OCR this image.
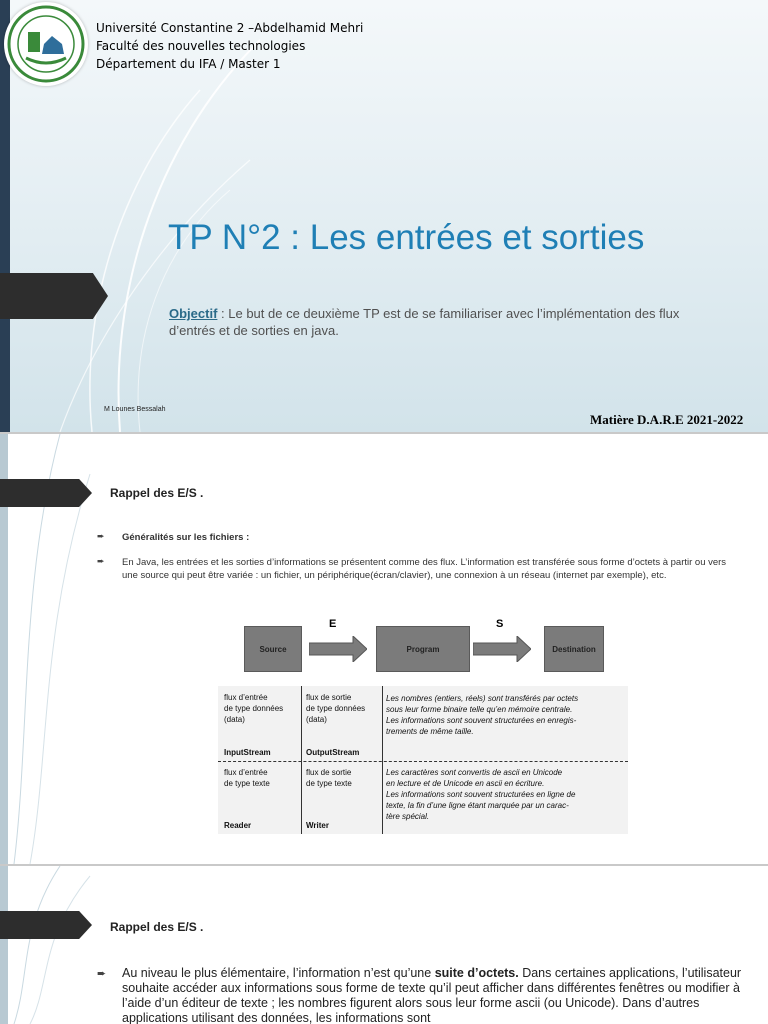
Université Constantine 2 –Abdelhamid Mehri
Faculté des nouvelles technologies
Département du IFA / Master 1
TP N°2 : Les entrées et sorties
Objectif : Le but de ce deuxième TP est de se familiariser avec l’implémentation des flux d’entrés et de sorties en java.
M Lounes Bessalah
Matière D.A.R.E 2021-2022
Rappel des E/S .
➨ Généralités sur les fichiers :
➨ En Java, les entrées et les sorties d’informations se présentent comme des flux. L’information est transférée sous forme d’octets à partir ou vers une source qui peut être variée : un fichier, un périphérique(écran/clavier), une connexion à un réseau (internet par exemple), etc.
Source
E
Program
S
Destination
flux d’entrée
de type données
(data)
InputStream
flux de sortie
de type données
(data)
OutputStream
flux d’entrée
de type texte
Reader
flux de sortie
de type texte
Writer
Les nombres (entiers, réels) sont transférés par octets
sous leur forme binaire telle qu’en mémoire centrale.
Les informations sont souvent structurées en enregis-
trements de même taille.
Les caractères sont convertis de ascii en Unicode
en lecture et de Unicode en ascii en écriture.
Les informations sont souvent structurées en ligne de
texte, la fin d’une ligne étant marquée par un carac-
tère spécial.
Rappel des E/S .
➨ Au niveau le plus élémentaire, l’information n’est qu’une suite d’octets. Dans certaines applications, l’utilisateur souhaite accéder aux informations sous forme de texte qu’il peut afficher dans différentes fenêtres ou modifier à l’aide d’un éditeur de texte ; les nombres figurent alors sous leur forme ascii (ou Unicode). Dans d’autres applications utilisant des données, les informations sont
